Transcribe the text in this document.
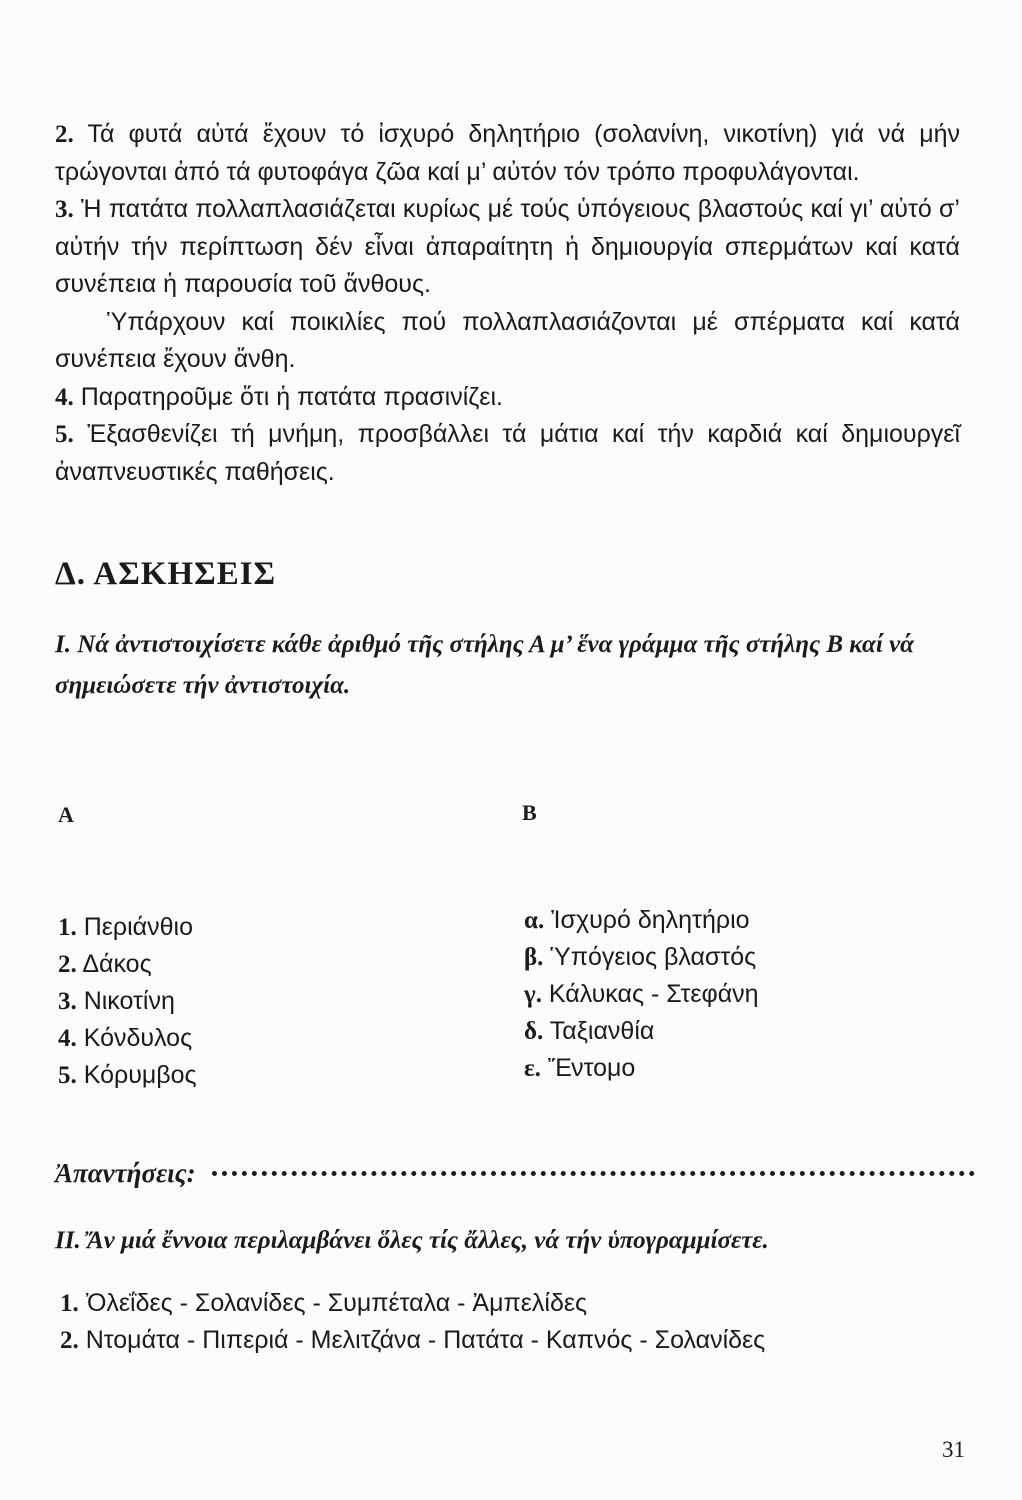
2. Τά φυτά αὐτά ἔχουν τό ἰσχυρό δηλητήριο (σολανίνη, νικοτίνη) γιά νά μήν τρώγονται ἀπό τά φυτοφάγα ζῶα καί μ’ αὐτόν τόν τρόπο προφυλάγονται.

3. Ἡ πατάτα πολλαπλασιάζεται κυρίως μέ τούς ὑπόγειους βλαστούς καί γι’ αὐτό σ’ αὐτήν τήν περίπτωση δέν εἶναι ἀπαραίτητη ἡ δημιουργία σπερμάτων καί κατά συνέπεια ἡ παρουσία τοῦ ἄνθους.

Ὑπάρχουν καί ποικιλίες πού πολλαπλασιάζονται μέ σπέρματα καί κατά συνέπεια ἔχουν ἄνθη.

4. Παρατηροῦμε ὅτι ἡ πατάτα πρασινίζει.

5. Ἐξασθενίζει τή μνήμη, προσβάλλει τά μάτια καί τήν καρδιά καί δημιουργεῖ ἀναπνευστικές παθήσεις.

Δ. ΑΣΚΗΣΕΙΣ

Ι. Νά ἀντιστοιχίσετε κάθε ἀριθμό τῆς στήλης Α μ’ ἕνα γράμμα τῆς στήλης Β καί νά σημειώσετε τήν ἀντιστοιχία.

Α	Β
1. Περιάνθιο
2. Δάκος
3. Νικοτίνη
4. Κόνδυλος
5. Κόρυμβος
α. Ἰσχυρό δηλητήριο
β. Ὑπόγειος βλαστός
γ. Κάλυκας - Στεφάνη
δ. Ταξιανθία
ε. Ἔντομο
Ἀπαντήσεις:

ΙΙ. Ἄν μιά ἔννοια περιλαμβάνει ὅλες τίς ἄλλες, νά τήν ὑπογραμμίσετε.

1. Ὀλεΐδες - Σολανίδες - Συμπέταλα - Ἀμπελίδες
2. Ντομάτα - Πιπεριά - Μελιτζάνα - Πατάτα - Καπνός - Σολανίδες
31
